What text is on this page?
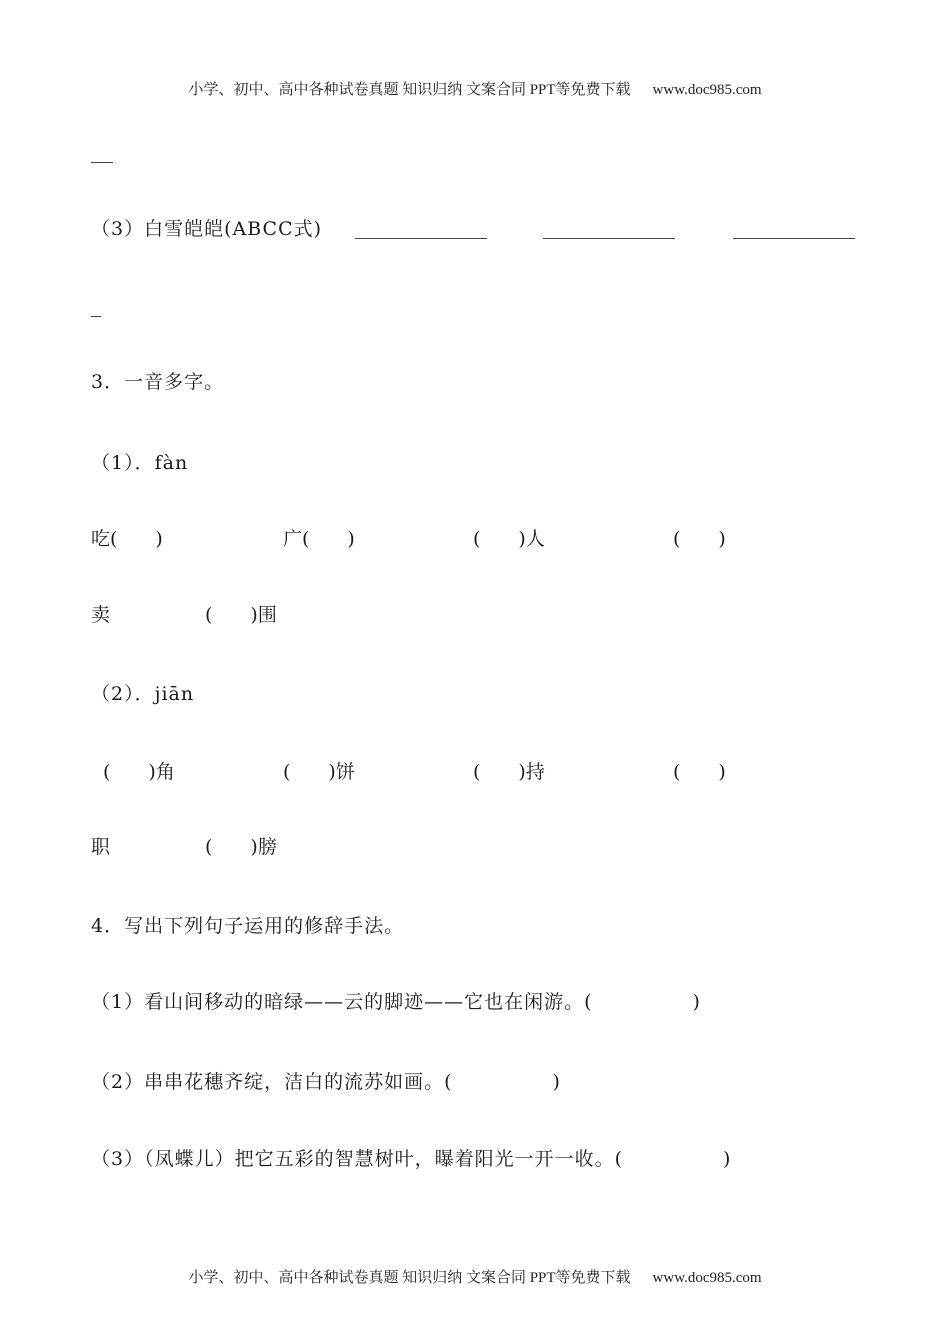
小学、初中、高中各种试卷真题 知识归纳 文案合同 PPT等免费下载 www.doc985.com
（3）白雪皑皑(ABCC式)
3．一音多字。
（1）．fàn
吃(　　)	广(　　)	(　　)人	(　　)
卖	(　　)围
（2）．jiān
(　　)角	(　　)饼	(　　)持	(　　)
职	(　　)膀
4．写出下列句子运用的修辞手法。
（1）看山间移动的暗绿——云的脚迹——它也在闲游。(　　　　　)
（2）串串花穗齐绽，洁白的流苏如画。(　　　　　)
（3）（凤蝶儿）把它五彩的智慧树叶，曝着阳光一开一收。(　　　　　)
小学、初中、高中各种试卷真题 知识归纳 文案合同 PPT等免费下载 www.doc985.com
